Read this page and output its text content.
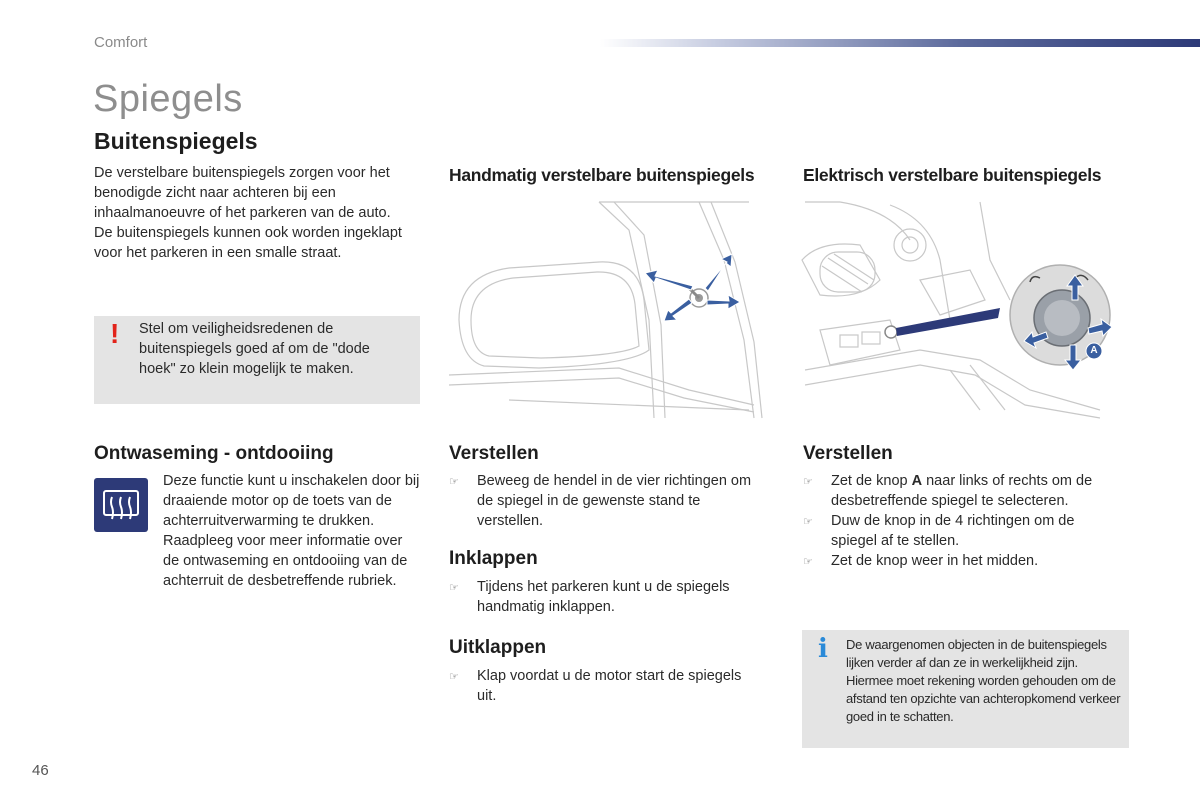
Comfort
Spiegels
Buitenspiegels
De verstelbare buitenspiegels zorgen voor het benodigde zicht naar achteren bij een inhaalmanoeuvre of het parkeren van de auto. De buitenspiegels kunnen ook worden ingeklapt voor het parkeren in een smalle straat.
! Stel om veiligheidsredenen de buitenspiegels goed af om de "dode hoek" zo klein mogelijk te maken.
Handmatig verstelbare buitenspiegels	Elektrisch verstelbare buitenspiegels
A
Ontwaseming - ontdooiing
Deze functie kunt u inschakelen door bij draaiende motor op de toets van de achterruitverwarming te drukken. Raadpleeg voor meer informatie over de ontwaseming en ontdooiing van de achterruit de desbetreffende rubriek.
Verstellen
☞ Beweeg de hendel in de vier richtingen om de spiegel in de gewenste stand te verstellen.
Inklappen
☞ Tijdens het parkeren kunt u de spiegels handmatig inklappen.
Uitklappen
☞ Klap voordat u de motor start de spiegels uit.
Verstellen
☞ Zet de knop A naar links of rechts om de desbetreffende spiegel te selecteren.
☞ Duw de knop in de 4 richtingen om de spiegel af te stellen.
☞ Zet de knop weer in het midden.
i De waargenomen objecten in de buitenspiegels lijken verder af dan ze in werkelijkheid zijn.
Hiermee moet rekening worden gehouden om de afstand ten opzichte van achteropkomend verkeer goed in te schatten.
46
